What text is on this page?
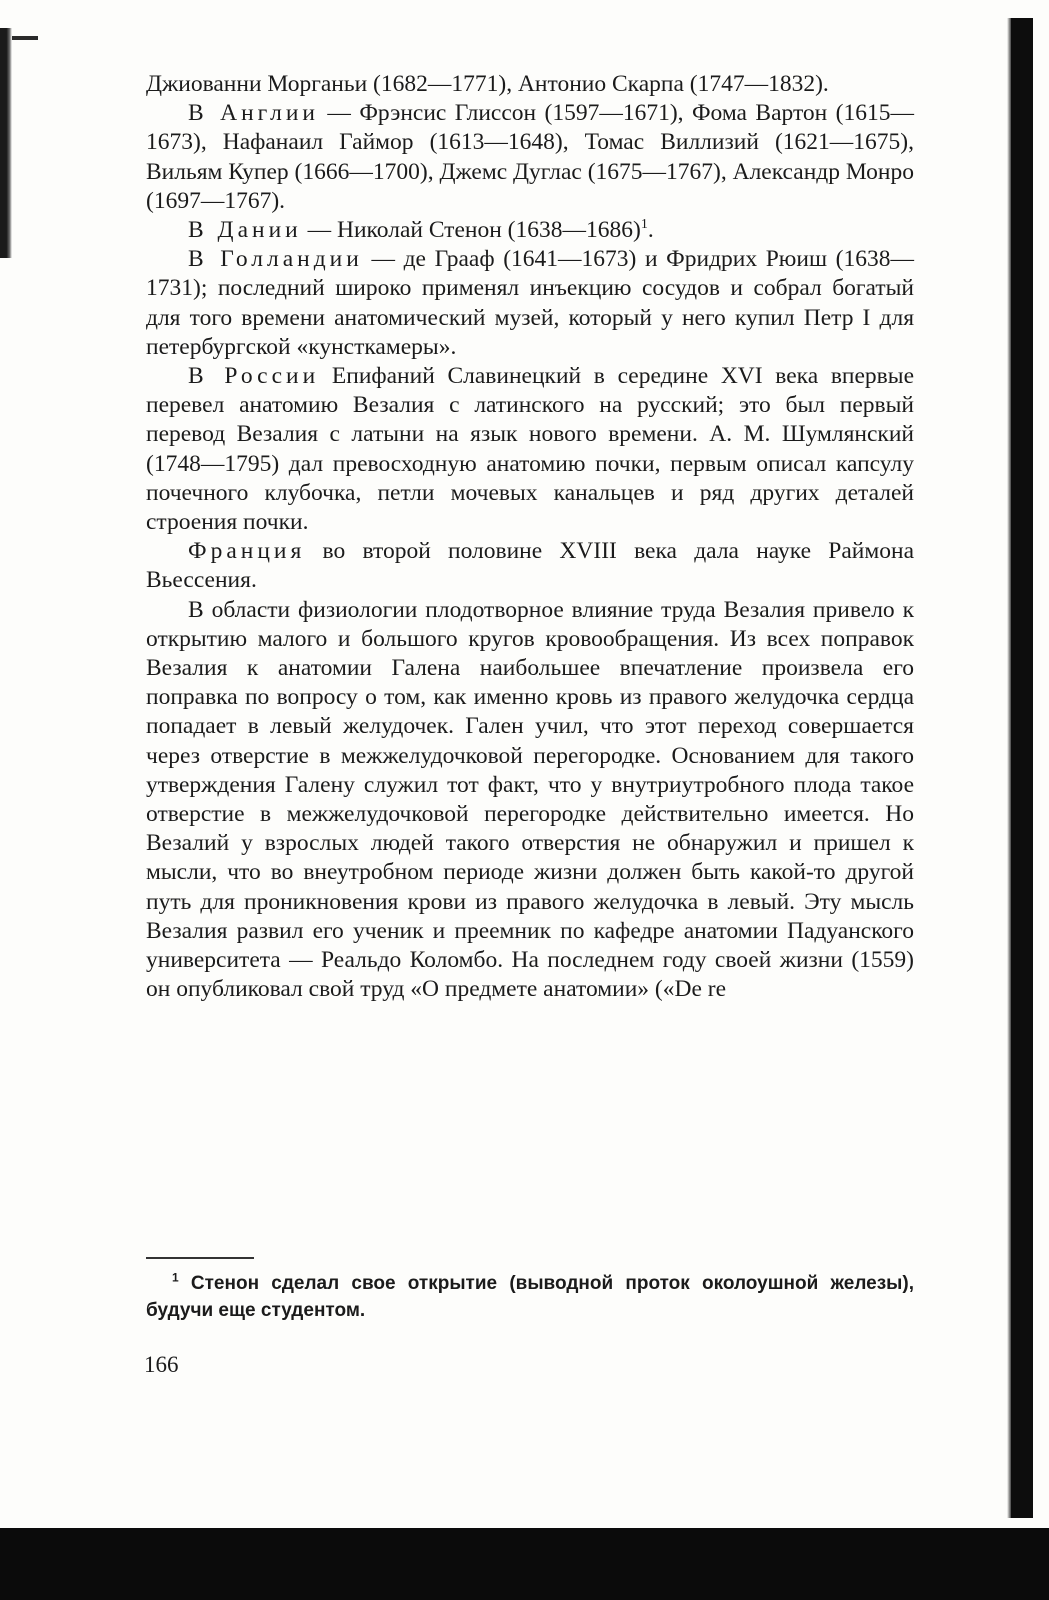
Джиованни Морганьи (1682—1771), Антонио Скарпа (1747—1832).

В Англии — Фрэнсис Глиссон (1597—1671), Фома Вартон (1615—1673), Нафанаил Гаймор (1613—1648), Томас Виллизий (1621—1675), Вильям Купер (1666—1700), Джемс Дуглас (1675—1767), Александр Монро (1697—1767).

В Дании — Николай Стенон (1638—1686)$^1$.

В Голландии — де Грааф (1641—1673) и Фридрих Рюиш (1638—1731); последний широко применял инъекцию сосудов и собрал богатый для того времени анатомический музей, который у него купил Петр I для петербургской «кунсткамеры».

В России Епифаний Славинецкий в середине XVI века впервые перевел анатомию Везалия с латинского на русский; это был первый перевод Везалия с латыни на язык нового времени. А. М. Шумлянский (1748—1795) дал превосходную анатомию почки, первым описал капсулу почечного клубочка, петли мочевых канальцев и ряд других деталей строения почки.

Франция во второй половине XVIII века дала науке Раймона Вьессения.

В области физиологии плодотворное влияние труда Везалия привело к открытию малого и большого кругов кровообращения. Из всех поправок Везалия к анатомии Галена наибольшее впечатление произвела его поправка по вопросу о том, как именно кровь из правого желудочка сердца попадает в левый желудочек. Гален учил, что этот переход совершается через отверстие в межжелудочковой перегородке. Основанием для такого утверждения Галену служил тот факт, что у внутриутробного плода такое отверстие в межжелудочковой перегородке действительно имеется. Но Везалий у взрослых людей такого отверстия не обнаружил и пришел к мысли, что во внеутробном периоде жизни должен быть какой-то другой путь для проникновения крови из правого желудочка в левый. Эту мысль Везалия развил его ученик и преемник по кафедре анатомии Падуанского университета — Реальдо Коломбо. На последнем году своей жизни (1559) он опубликовал свой труд «О предмете анатомии» («De re

$^1$ Стенон сделал свое открытие (выводной проток околоушной железы), будучи еще студентом.
166
